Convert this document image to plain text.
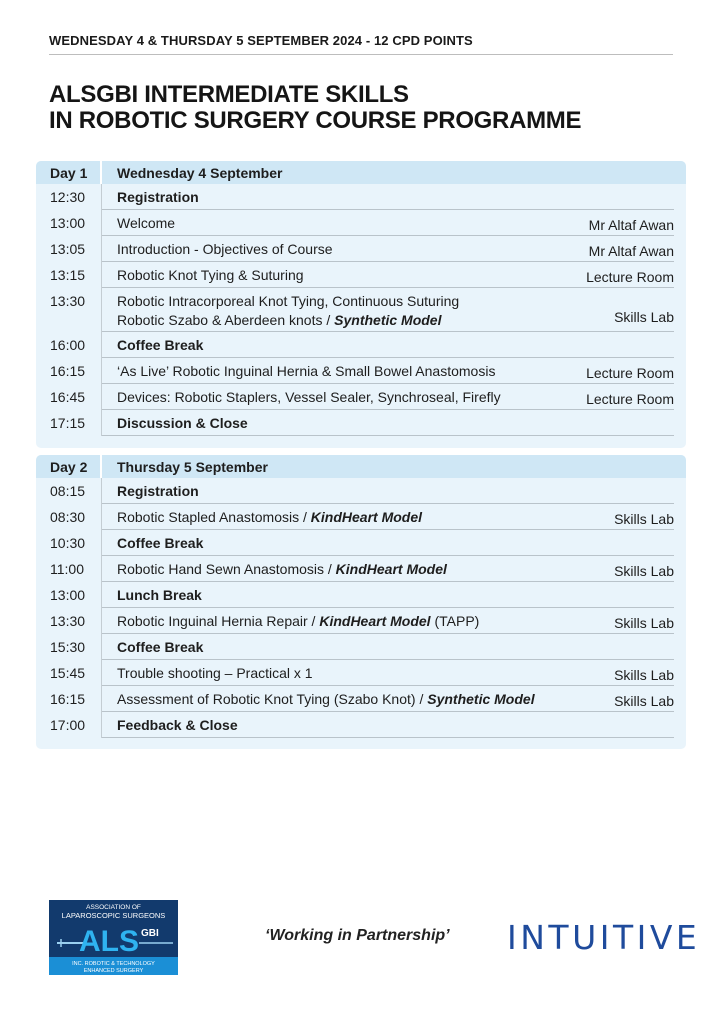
WEDNESDAY 4 & THURSDAY 5 SEPTEMBER 2024 - 12 CPD POINTS
ALSGBI INTERMEDIATE SKILLS
IN ROBOTIC SURGERY COURSE PROGRAMME
Day 1	Wednesday 4 September
12:30	Registration
13:00	Welcome	Mr Altaf Awan
13:05	Introduction - Objectives of Course	Mr Altaf Awan
13:15	Robotic Knot Tying & Suturing	Lecture Room
13:30	Robotic Intracorporeal Knot Tying, Continuous Suturing
Robotic Szabo & Aberdeen knots / Synthetic Model	Skills Lab
16:00	Coffee Break
16:15	‘As Live’ Robotic Inguinal Hernia & Small Bowel Anastomosis	Lecture Room
16:45	Devices: Robotic Staplers, Vessel Sealer, Synchroseal, Firefly	Lecture Room
17:15	Discussion & Close
Day 2	Thursday 5 September
08:15	Registration
08:30	Robotic Stapled Anastomosis / KindHeart Model	Skills Lab
10:30	Coffee Break
11:00	Robotic Hand Sewn Anastomosis / KindHeart Model	Skills Lab
13:00	Lunch Break
13:30	Robotic Inguinal Hernia Repair / KindHeart Model (TAPP)	Skills Lab
15:30	Coffee Break
15:45	Trouble shooting – Practical x 1	Skills Lab
16:15	Assessment of Robotic Knot Tying (Szabo Knot) / Synthetic Model	Skills Lab
17:00	Feedback & Close
ASSOCIATION OF
LAPAROSCOPIC SURGEONS
ALS GBI
INC. ROBOTIC & TECHNOLOGY
ENHANCED SURGERY
‘Working in Partnership’ INTUITIVE
